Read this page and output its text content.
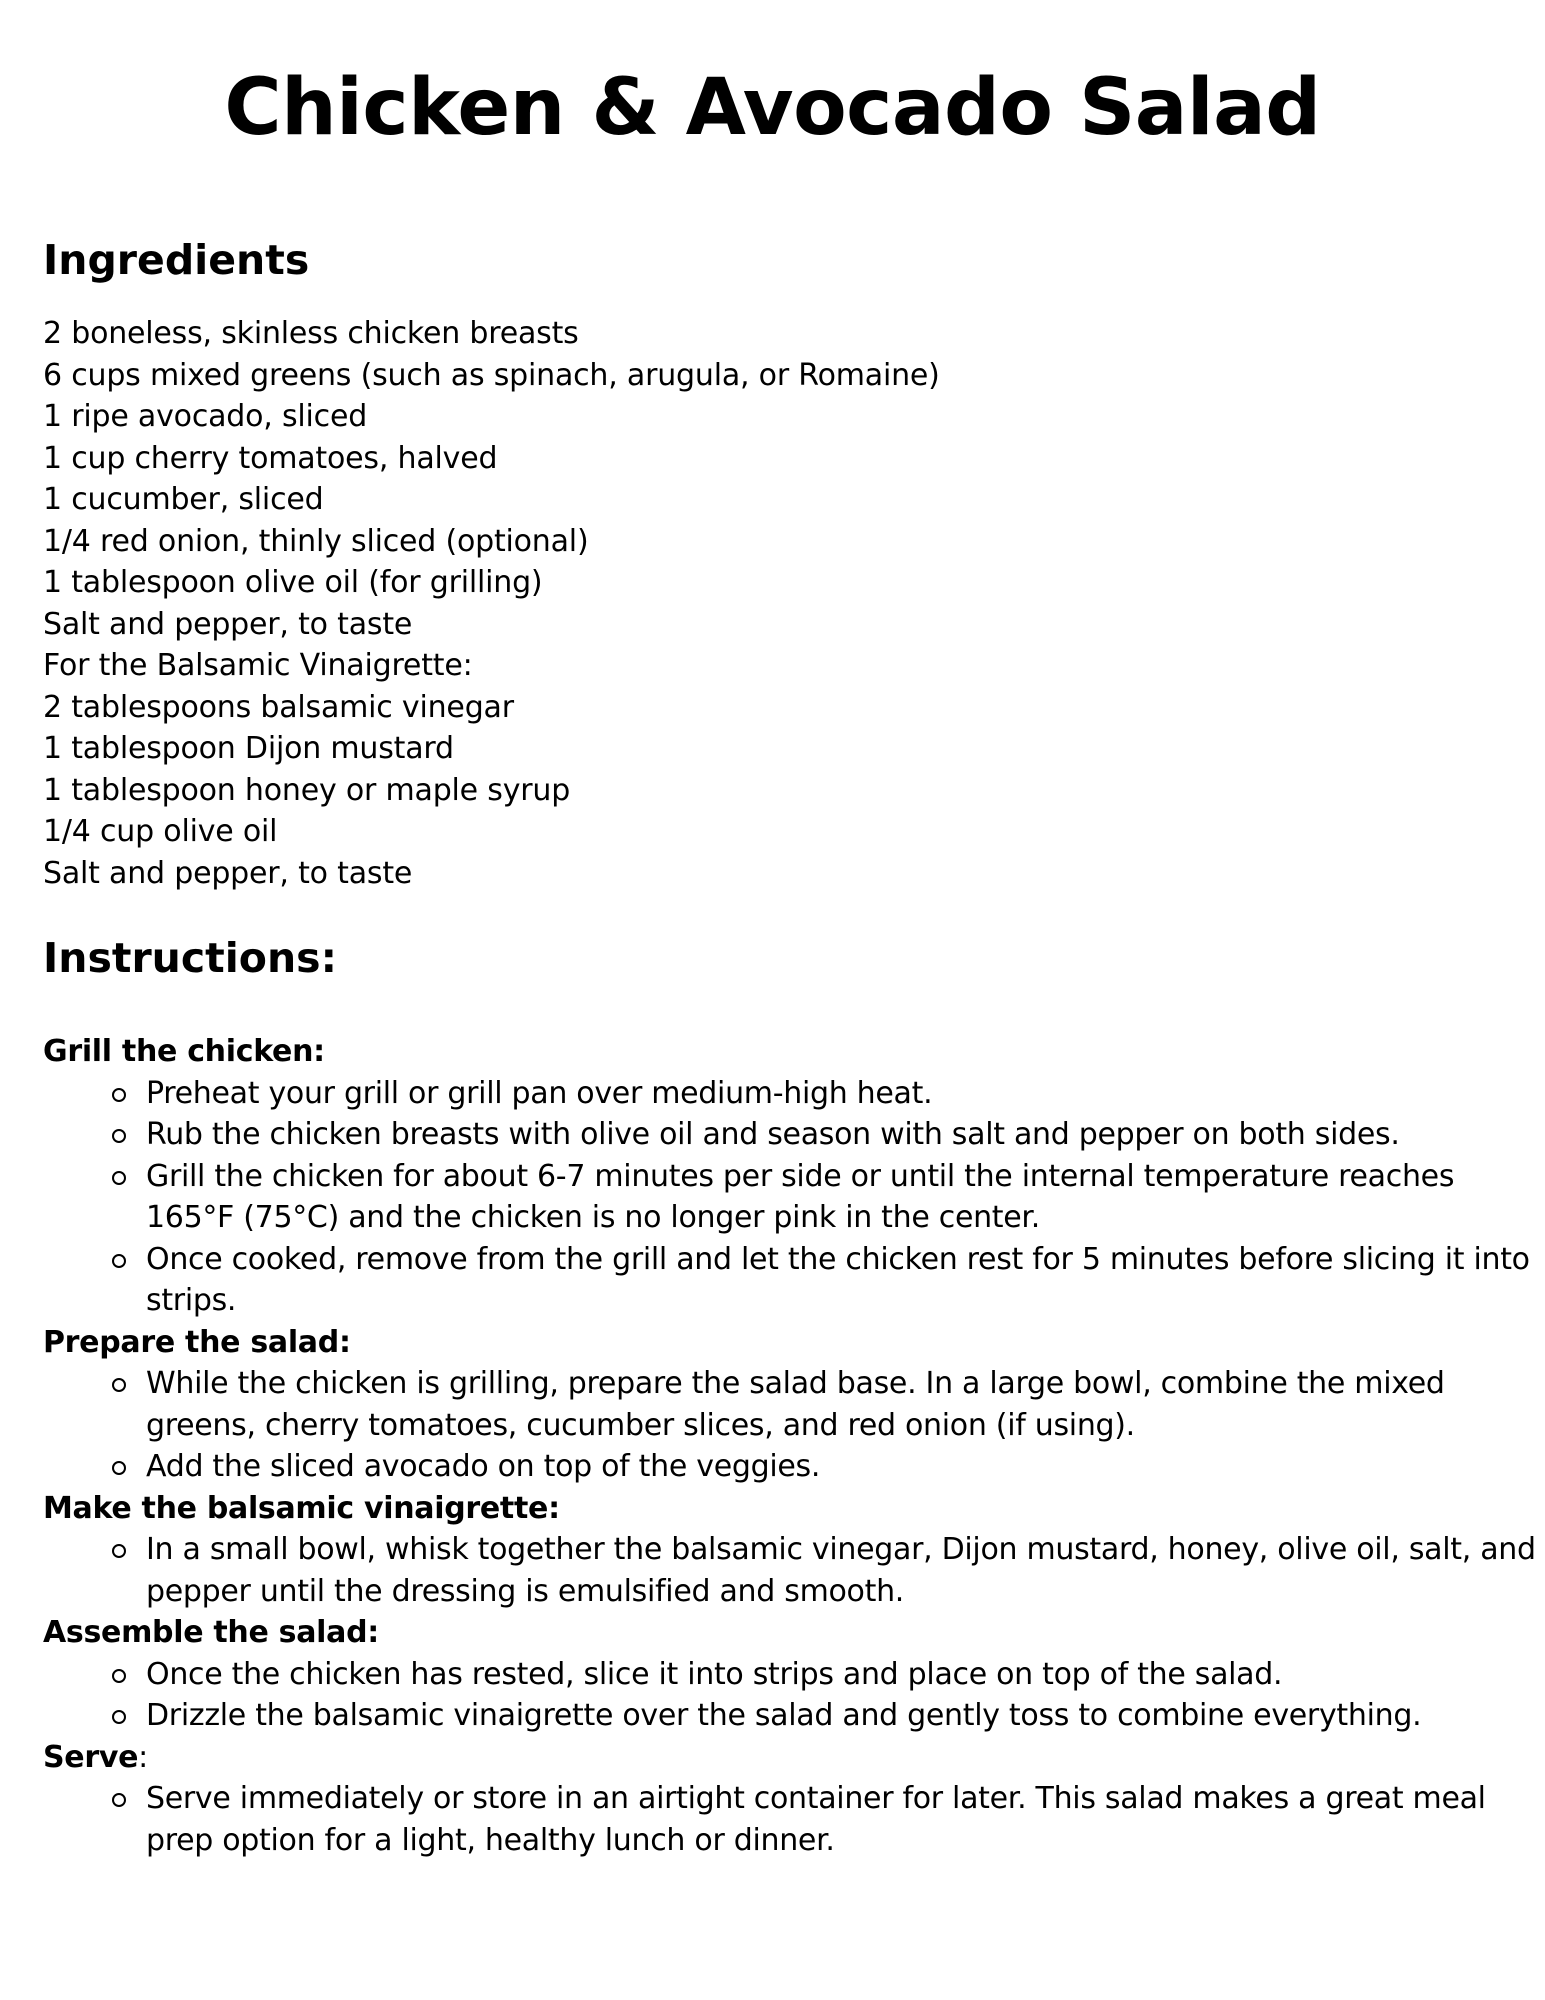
Chicken & Avocado Salad
Ingredients
2 boneless, skinless chicken breasts
6 cups mixed greens (such as spinach, arugula, or Romaine)
1 ripe avocado, sliced
1 cup cherry tomatoes, halved
1 cucumber, sliced
1/4 red onion, thinly sliced (optional)
1 tablespoon olive oil (for grilling)
Salt and pepper, to taste
For the Balsamic Vinaigrette:
2 tablespoons balsamic vinegar
1 tablespoon Dijon mustard
1 tablespoon honey or maple syrup
1/4 cup olive oil
Salt and pepper, to taste
Instructions:
Grill the chicken:
Preheat your grill or grill pan over medium-high heat.
Rub the chicken breasts with olive oil and season with salt and pepper on both sides.
Grill the chicken for about 6-7 minutes per side or until the internal temperature reaches 165°F (75°C) and the chicken is no longer pink in the center.
Once cooked, remove from the grill and let the chicken rest for 5 minutes before slicing it into strips.
Prepare the salad:
While the chicken is grilling, prepare the salad base. In a large bowl, combine the mixed greens, cherry tomatoes, cucumber slices, and red onion (if using).
Add the sliced avocado on top of the veggies.
Make the balsamic vinaigrette:
In a small bowl, whisk together the balsamic vinegar, Dijon mustard, honey, olive oil, salt, and pepper until the dressing is emulsified and smooth.
Assemble the salad:
Once the chicken has rested, slice it into strips and place on top of the salad.
Drizzle the balsamic vinaigrette over the salad and gently toss to combine everything.
Serve:
Serve immediately or store in an airtight container for later. This salad makes a great meal prep option for a light, healthy lunch or dinner.
